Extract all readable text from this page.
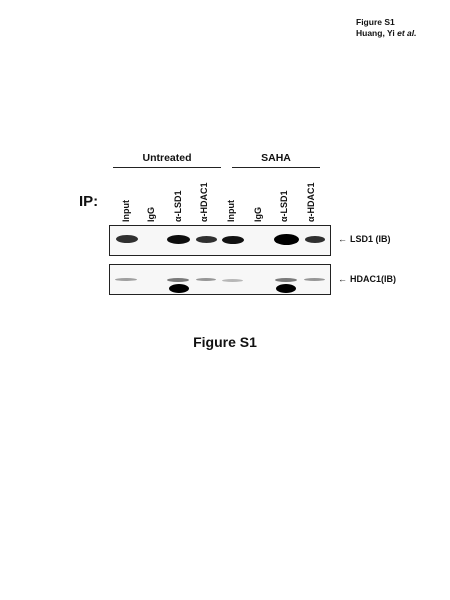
Figure S1
Huang, Yi et al.
Untreated	SAHA
IP:	Input IgG α-LSD1 α-HDAC1 Input IgG α-LSD1 α-HDAC1
← LSD1 (IB)
← HDAC1(IB)
Figure S1
